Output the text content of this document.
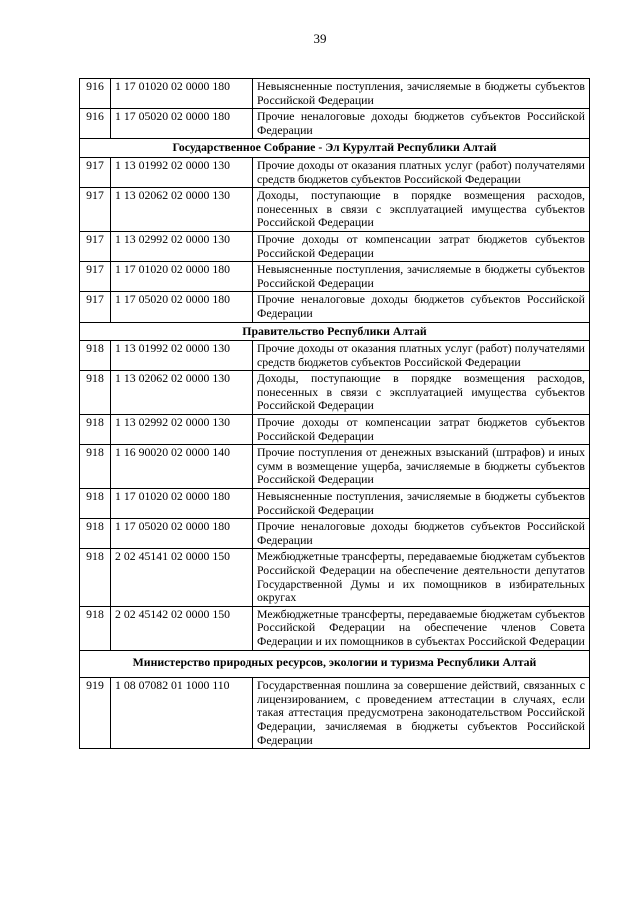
39
916	1 17 01020 02 0000 180	Невыясненные поступления, зачисляемые в бюджеты субъектов Российской Федерации
916	1 17 05020 02 0000 180	Прочие неналоговые доходы бюджетов субъектов Российской Федерации
Государственное Собрание - Эл Курултай Республики Алтай		
917	1 13 01992 02 0000 130	Прочие доходы от оказания платных услуг (работ) получателями средств бюджетов субъектов Российской Федерации
917	1 13 02062 02 0000 130	Доходы, поступающие в порядке возмещения расходов, понесенных в связи с эксплуатацией имущества субъектов Российской Федерации
917	1 13 02992 02 0000 130	Прочие доходы от компенсации затрат бюджетов субъектов Российской Федерации
917	1 17 01020 02 0000 180	Невыясненные поступления, зачисляемые в бюджеты субъектов Российской Федерации
917	1 17 05020 02 0000 180	Прочие неналоговые доходы бюджетов субъектов Российской Федерации
Правительство Республики Алтай		
918	1 13 01992 02 0000 130	Прочие доходы от оказания платных услуг (работ) получателями средств бюджетов субъектов Российской Федерации
918	1 13 02062 02 0000 130	Доходы, поступающие в порядке возмещения расходов, понесенных в связи с эксплуатацией имущества субъектов Российской Федерации
918	1 13 02992 02 0000 130	Прочие доходы от компенсации затрат бюджетов субъектов Российской Федерации
918	1 16 90020 02 0000 140	Прочие поступления от денежных взысканий (штрафов) и иных сумм в возмещение ущерба, зачисляемые в бюджеты субъектов Российской Федерации
918	1 17 01020 02 0000 180	Невыясненные поступления, зачисляемые в бюджеты субъектов Российской Федерации
918	1 17 05020 02 0000 180	Прочие неналоговые доходы бюджетов субъектов Российской Федерации
918	2 02 45141 02 0000 150	Межбюджетные трансферты, передаваемые бюджетам субъектов Российской Федерации на обеспечение деятельности депутатов Государственной Думы и их помощников в избирательных округах
918	2 02 45142 02 0000 150	Межбюджетные трансферты, передаваемые бюджетам субъектов Российской Федерации на обеспечение членов Совета Федерации и их помощников в субъектах Российской Федерации
Министерство природных ресурсов, экологии и туризма Республики Алтай		
919	1 08 07082 01 1000 110	Государственная пошлина за совершение действий, связанных с лицензированием, с проведением аттестации в случаях, если такая аттестация предусмотрена законодательством Российской Федерации, зачисляемая в бюджеты субъектов Российской Федерации
